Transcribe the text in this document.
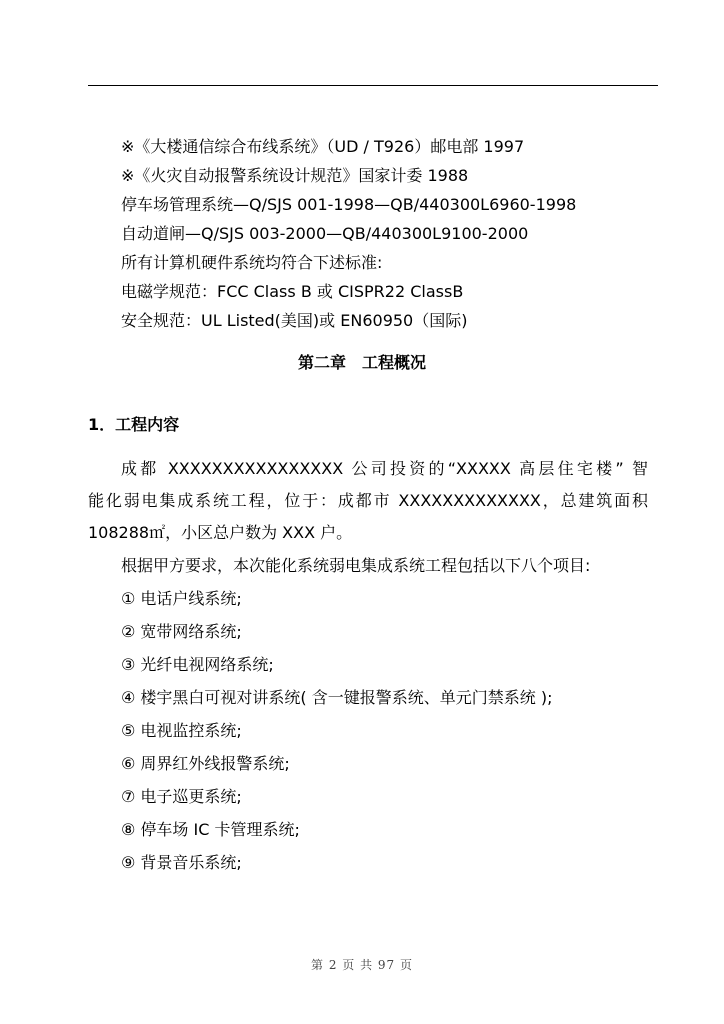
※《大楼通信综合布线系统》（UD / T926）邮电部 1997
※《火灾自动报警系统设计规范》国家计委 1988
停车场管理系统—Q/SJS 001-1998—QB/440300L6960-1998
自动道闸—Q/SJS 003-2000—QB/440300L9100-2000
所有计算机硬件系统均符合下述标准:
电磁学规范：FCC Class B 或 CISPR22 ClassB
安全规范：UL Listed(美国)或 EN60950（国际)
第二章　工程概况
1．工程内容
成都 XXXXXXXXXXXXXXXX 公司投资的“XXXXX 高层住宅楼” 智
能化弱电集成系统工程，位于：成都市 XXXXXXXXXXXXX，总建筑面积
108288㎡，小区总户数为 XXX 户。
根据甲方要求，本次能化系统弱电集成系统工程包括以下八个项目:
① 电话户线系统;
② 宽带网络系统;
③ 光纤电视网络系统;
④ 楼宇黑白可视对讲系统( 含一键报警系统、单元门禁系统 );
⑤ 电视监控系统;
⑥ 周界红外线报警系统;
⑦ 电子巡更系统;
⑧ 停车场 IC 卡管理系统;
⑨ 背景音乐系统;
第 2 页 共 97 页
